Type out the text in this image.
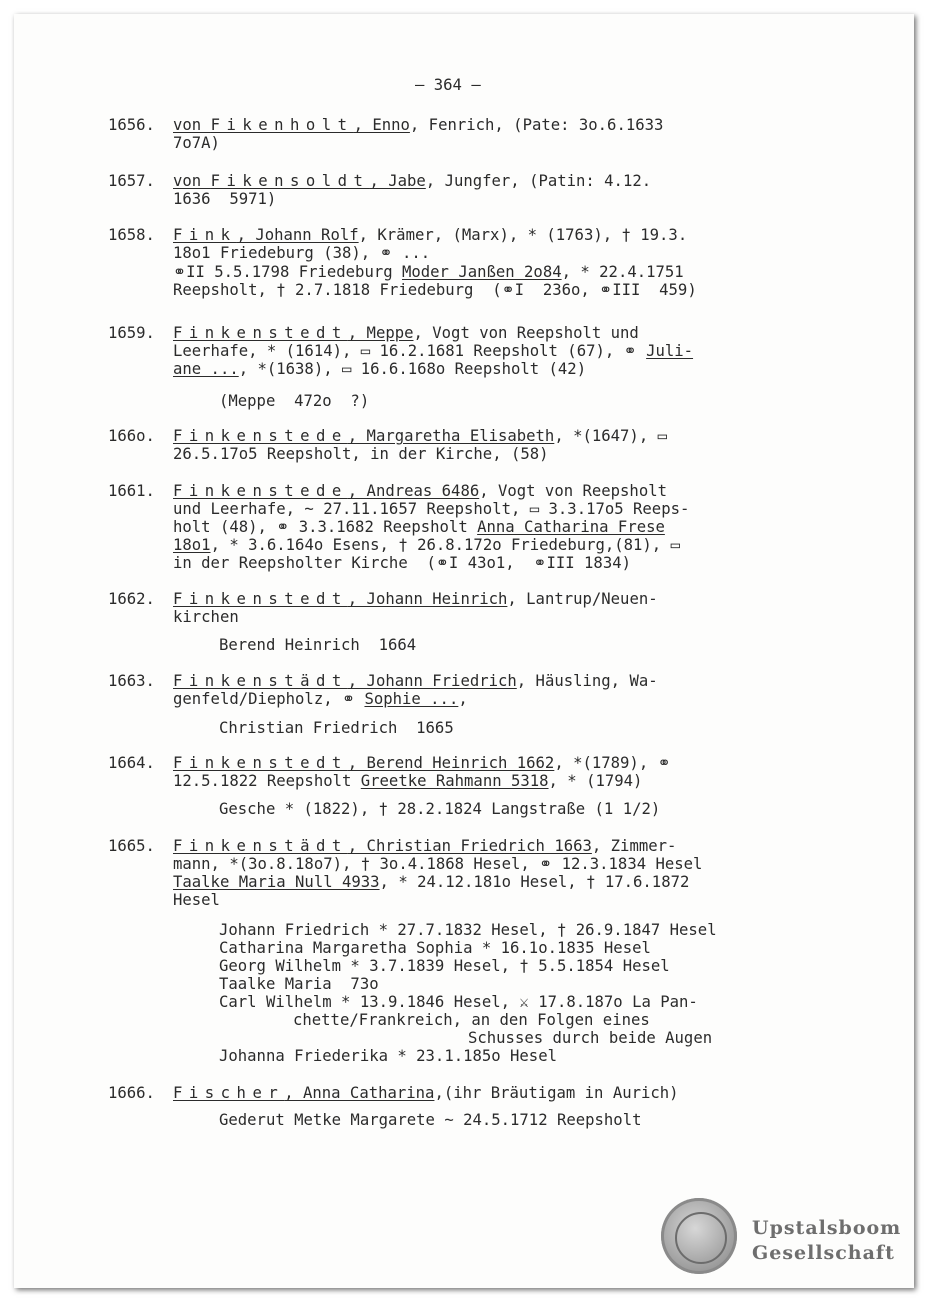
– 364 –
Upstalsboom
Gesellschaft
1656. von Fikenholt, Enno, Fenrich, (Pate: 3o.6.1633
7o7A)
1657. von Fikensoldt, Jabe, Jungfer, (Patin: 4.12.
1636  5971)
1658. Fink, Johann Rolf, Krämer, (Marx), * (1763), † 19.3.
18o1 Friedeburg (38), ⚭ ...
⚭II 5.5.1798 Friedeburg Moder Janßen 2o84, * 22.4.1751
Reepsholt, † 2.7.1818 Friedeburg  (⚭I  236o, ⚭III  459)
1659. Finkenstedt, Meppe, Vogt von Reepsholt und
Leerhafe, * (1614), ▭ 16.2.1681 Reepsholt (67), ⚭ Juli-
ane ..., *(1638), ▭ 16.6.168o Reepsholt (42)
(Meppe  472o  ?)
166o. Finkenstede, Margaretha Elisabeth, *(1647), ▭
26.5.17o5 Reepsholt, in der Kirche, (58)
1661. Finkenstede, Andreas 6486, Vogt von Reepsholt
und Leerhafe, ~ 27.11.1657 Reepsholt, ▭ 3.3.17o5 Reeps-
holt (48), ⚭ 3.3.1682 Reepsholt Anna Catharina Frese
18o1, * 3.6.164o Esens, † 26.8.172o Friedeburg,(81), ▭
in der Reepsholter Kirche  (⚭I 43o1,  ⚭III 1834)
1662. Finkenstedt, Johann Heinrich, Lantrup/Neuen-
kirchen
Berend Heinrich  1664
1663. Finkenstädt, Johann Friedrich, Häusling, Wa-
genfeld/Diepholz, ⚭ Sophie ...,
Christian Friedrich  1665
1664. Finkenstedt, Berend Heinrich 1662, *(1789), ⚭
12.5.1822 Reepsholt Greetke Rahmann 5318, * (1794)
Gesche * (1822), † 28.2.1824 Langstraße (1 1/2)
1665. Finkenstädt, Christian Friedrich 1663, Zimmer-
mann, *(3o.8.18o7), † 3o.4.1868 Hesel, ⚭ 12.3.1834 Hesel
Taalke Maria Null 4933, * 24.12.181o Hesel, † 17.6.1872
Hesel
Johann Friedrich * 27.7.1832 Hesel, † 26.9.1847 Hesel
Catharina Margaretha Sophia * 16.1o.1835 Hesel
Georg Wilhelm * 3.7.1839 Hesel, † 5.5.1854 Hesel
Taalke Maria  73o
Carl Wilhelm * 13.9.1846 Hesel, ⚔ 17.8.187o La Pan-
chette/Frankreich, an den Folgen eines
Schusses durch beide Augen
Johanna Friederika * 23.1.185o Hesel
1666. Fischer, Anna Catharina,(ihr Bräutigam in Aurich)
Gederut Metke Margarete ~ 24.5.1712 Reepsholt
